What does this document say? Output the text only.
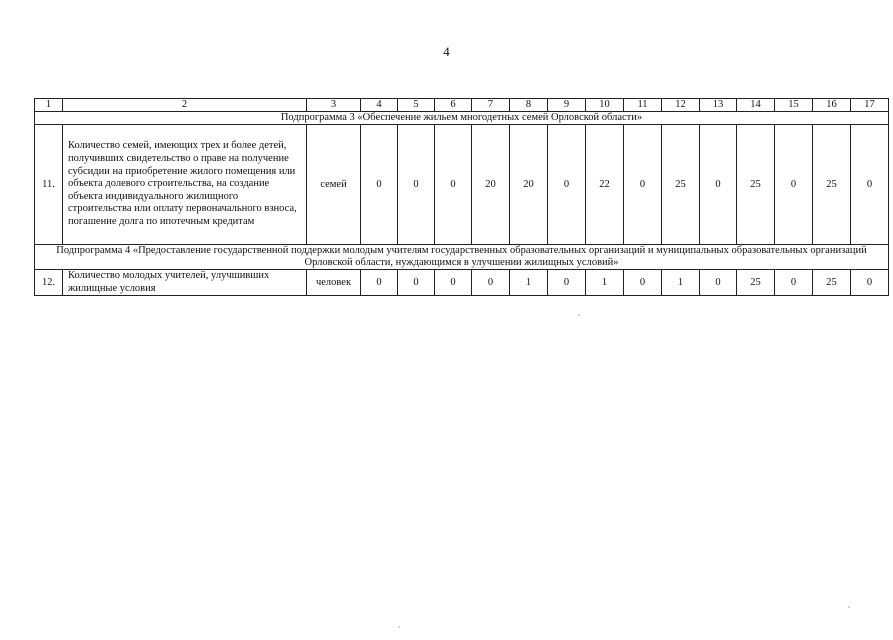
4
1	2	3	4	5	6	7	8	9	10	11	12	13	14	15	16	17
Подпрограмма 3 «Обеспечение жильем многодетных семей Орловской области»																
11.	Количество семей, имеющих трех и более детей, получивших свидетельство о праве на получение субсидии на приобретение жилого помещения или объекта долевого строительства, на создание объекта индивидуального жилищного строительства или оплату первоначального взноса, погашение долга по ипотечным кредитам	семей	0	0	0	20	20	0	22	0	25	0	25	0	25	0
Подпрограмма 4 «Предоставление государственной поддержки молодым учителям государственных образовательных организаций и муниципальных образовательных организаций Орловской области, нуждающимся в улучшении жилищных условий»																
12.	Количество молодых учителей, улучшивших жилищные условия	человек	0	0	0	0	1	0	1	0	1	0	25	0	25	0
